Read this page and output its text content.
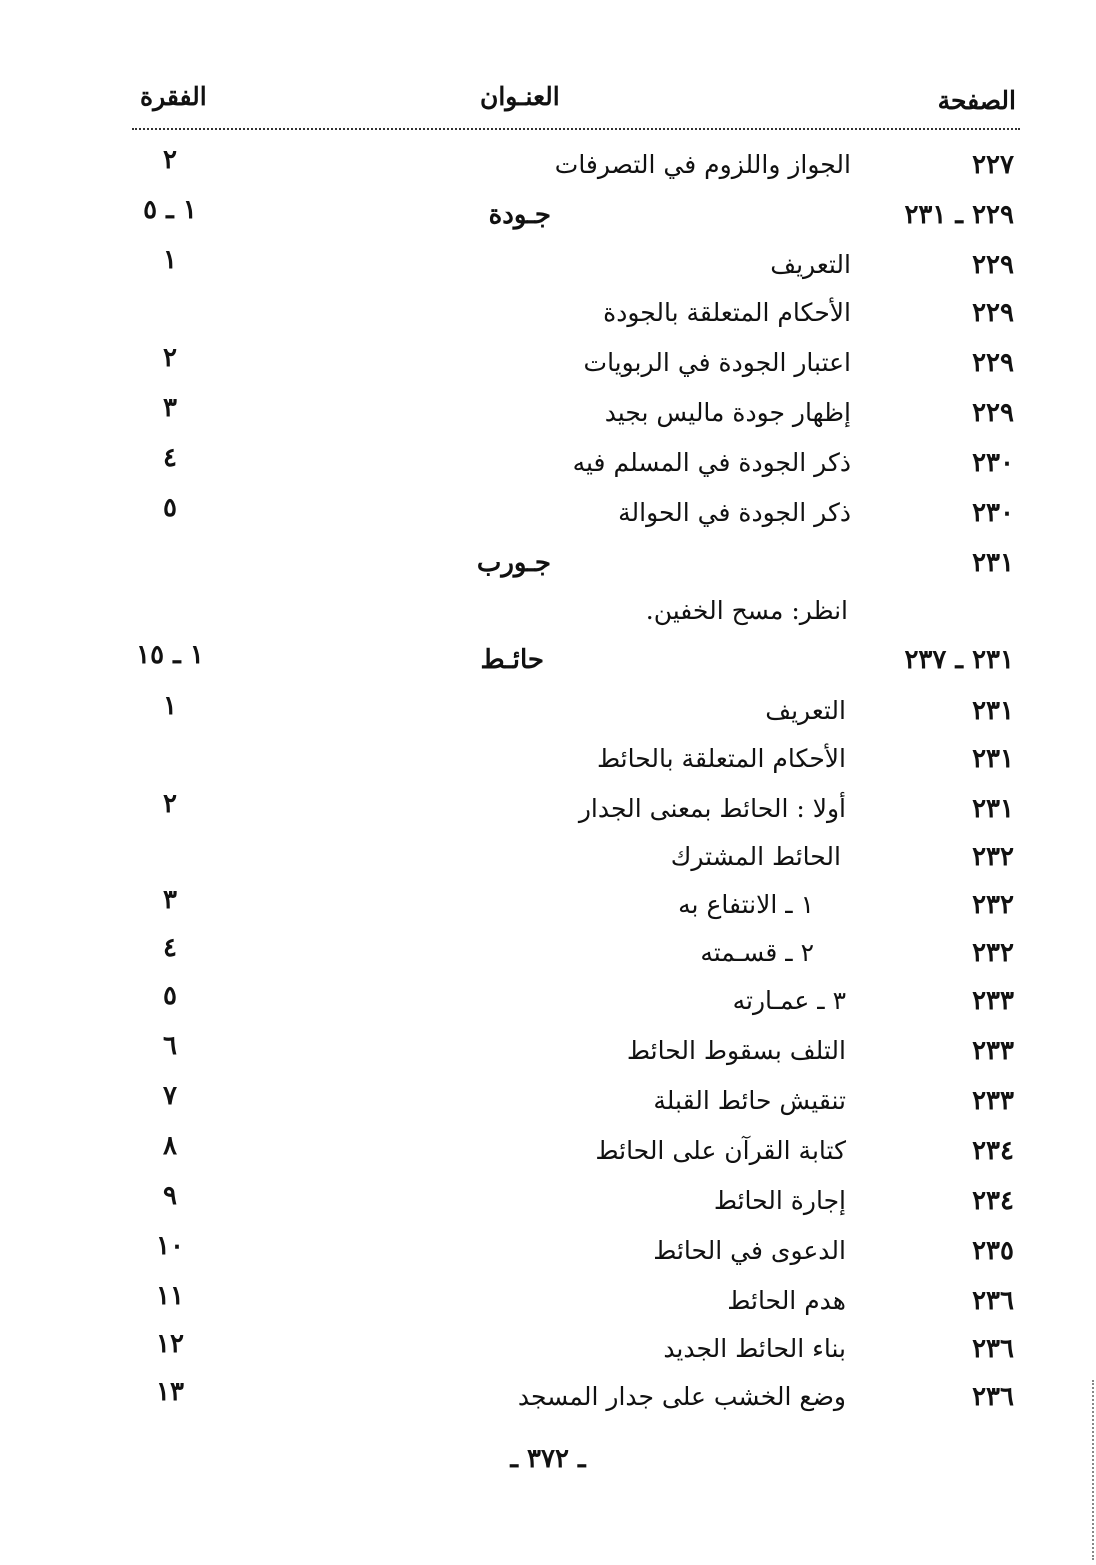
الصفحة
العنـوان
الفقرة
٢٢٧
الجواز واللزوم في التصرفات
٢
٢٢٩ ـ ٢٣١
جـودة
١ ـ ٥
٢٢٩
التعريف
١
٢٢٩
الأحكام المتعلقة بالجودة
٢٢٩
اعتبار الجودة في الربويات
٢
٢٢٩
إظهار جودة ماليس بجيد
٣
٢٣٠
ذكر الجودة في المسلم فيه
٤
٢٣٠
ذكر الجودة في الحوالة
٥
٢٣١
جـورب
انظر: مسح الخفين.
٢٣١ ـ ٢٣٧
حائـط
١ ـ ١٥
٢٣١
التعريف
١
٢٣١
الأحكام المتعلقة بالحائط
٢٣١
أولا : الحائط بمعنى الجدار
٢
٢٣٢
الحائط المشترك
٢٣٢
١ ـ الانتفاع به
٣
٢٣٢
٢ ـ قسـمته
٤
٢٣٣
٣ ـ عمـارته
٥
٢٣٣
التلف بسقوط الحائط
٦
٢٣٣
تنقيش حائط القبلة
٧
٢٣٤
كتابة القرآن على الحائط
٨
٢٣٤
إجارة الحائط
٩
٢٣٥
الدعوى في الحائط
١٠
٢٣٦
هدم الحائط
١١
٢٣٦
بناء الحائط الجديد
١٢
٢٣٦
وضع الخشب على جدار المسجد
١٣
ـ ٣٧٢ ـ
